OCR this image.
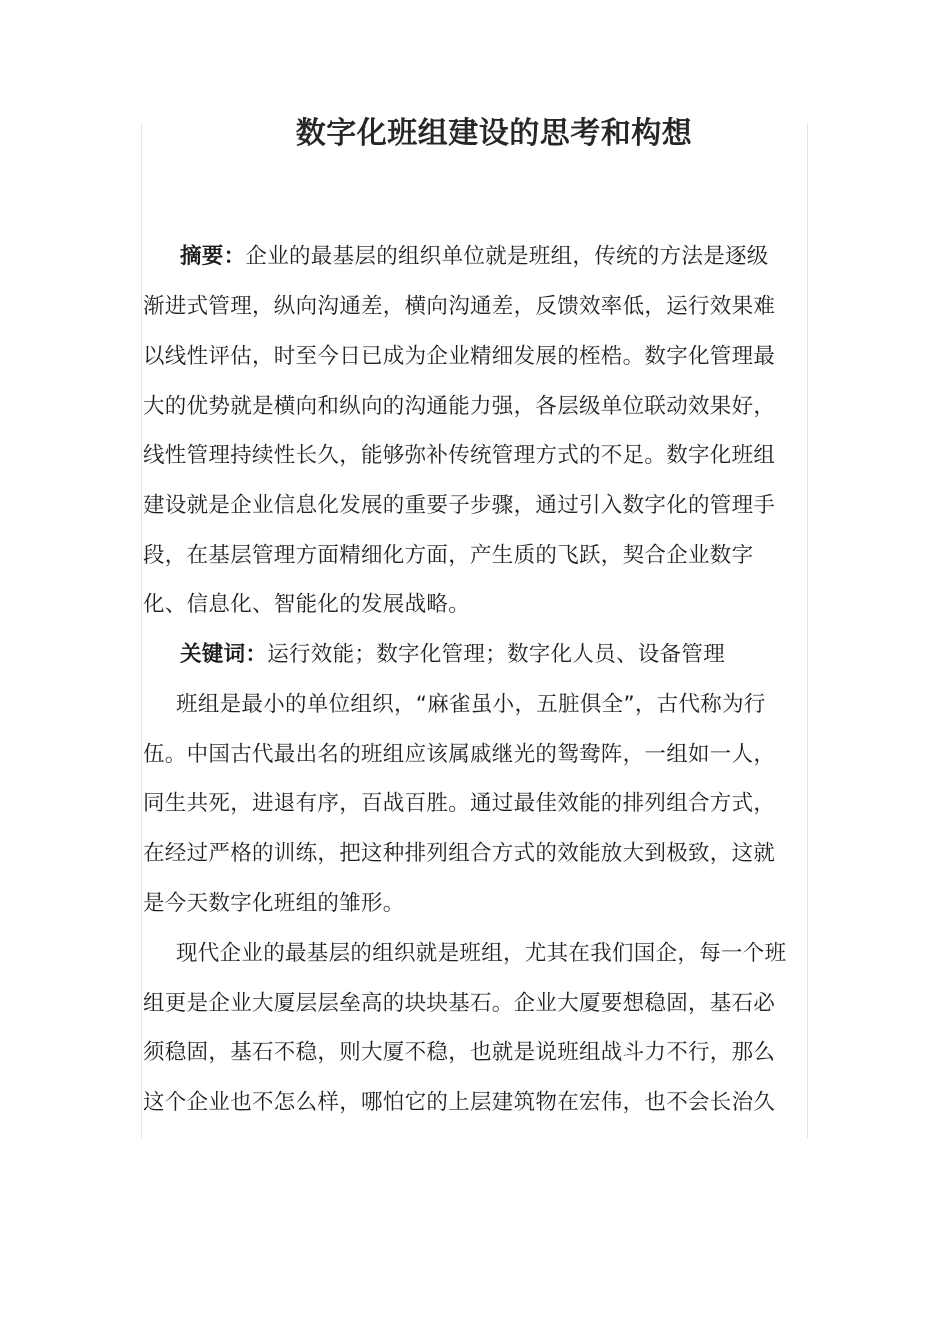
数字化班组建设的思考和构想
摘要：企业的最基层的组织单位就是班组，传统的方法是逐级
渐进式管理，纵向沟通差，横向沟通差，反馈效率低，运行效果难
以线性评估，时至今日已成为企业精细发展的桎梏。数字化管理最
大的优势就是横向和纵向的沟通能力强，各层级单位联动效果好，
线性管理持续性长久，能够弥补传统管理方式的不足。数字化班组
建设就是企业信息化发展的重要子步骤，通过引入数字化的管理手
段，在基层管理方面精细化方面，产生质的飞跃，契合企业数字
化、信息化、智能化的发展战略。
关键词：运行效能；数字化管理；数字化人员、设备管理
班组是最小的单位组织，“麻雀虽小，五脏俱全”，古代称为行
伍。中国古代最出名的班组应该属戚继光的鸳鸯阵，一组如一人，
同生共死，进退有序，百战百胜。通过最佳效能的排列组合方式，
在经过严格的训练，把这种排列组合方式的效能放大到极致，这就
是今天数字化班组的雏形。
现代企业的最基层的组织就是班组，尤其在我们国企，每一个班
组更是企业大厦层层垒高的块块基石。企业大厦要想稳固，基石必
须稳固，基石不稳，则大厦不稳，也就是说班组战斗力不行，那么
这个企业也不怎么样，哪怕它的上层建筑物在宏伟，也不会长治久
